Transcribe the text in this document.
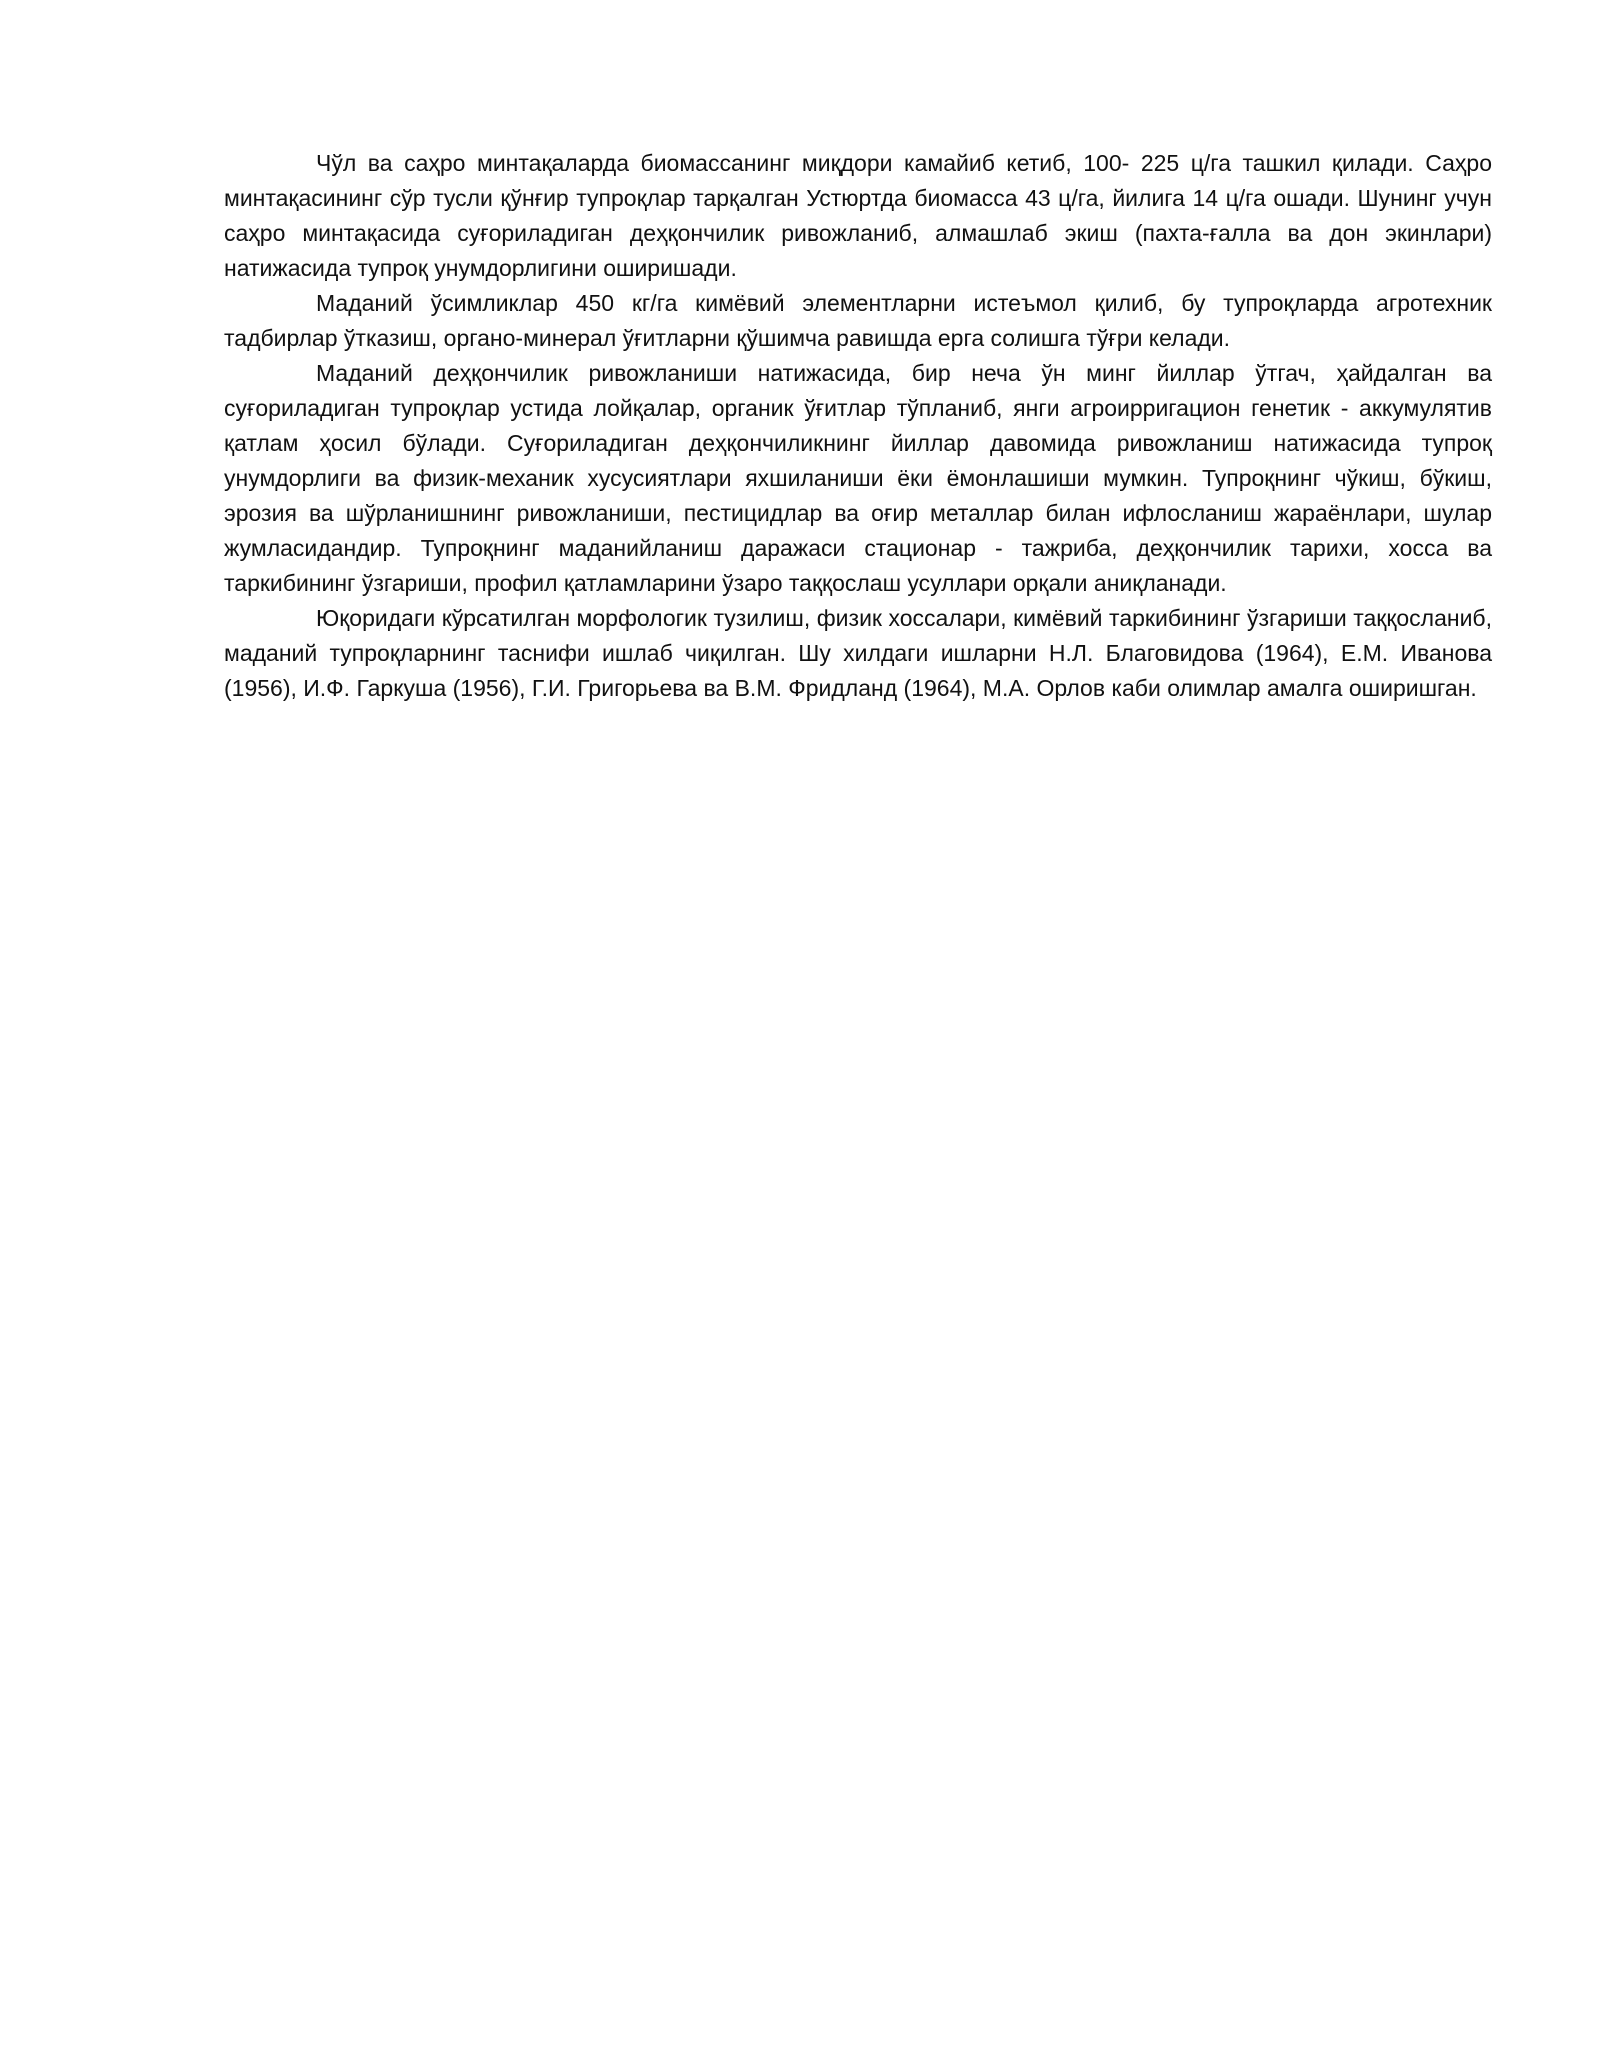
Чўл ва саҳро минтақаларда биомассанинг миқдори камайиб кетиб, 100- 225 ц/га ташкил қилади. Саҳро минтақасининг сўр тусли қўнғир тупроқлар тарқалган Устюртда биомасса 43 ц/га, йилига 14 ц/га ошади. Шунинг учун саҳро минтақасида суғориладиган деҳқончилик ривожланиб, алмашлаб экиш (пахта-ғалла ва дон экинлари) натижасида тупроқ унумдорлигини оширишади.

Маданий ўсимликлар 450 кг/га кимёвий элементларни истеъмол қилиб, бу тупроқларда агротехник тадбирлар ўтказиш, органо-минерал ўғитларни қўшимча равишда ерга солишга тўғри келади.

Маданий деҳқончилик ривожланиши натижасида, бир неча ўн минг йиллар ўтгач, ҳайдалган ва суғориладиган тупроқлар устида лойқалар, органик ўғитлар тўпланиб, янги агроирригацион генетик - аккумулятив қатлам ҳосил бўлади. Суғориладиган деҳқончиликнинг йиллар давомида ривожланиш натижасида тупроқ унумдорлиги ва физик-механик хусусиятлари яхшиланиши ёки ёмонлашиши мумкин. Тупроқнинг чўкиш, бўкиш, эрозия ва шўрланишнинг ривожланиши, пестицидлар ва оғир металлар билан ифлосланиш жараёнлари, шулар жумласидандир. Тупроқнинг маданийланиш даражаси стационар - тажриба, деҳқончилик тарихи, хосса ва таркибининг ўзгариши, профил қатламларини ўзаро таққослаш усуллари орқали аниқланади.

Юқоридаги кўрсатилган морфологик тузилиш, физик хоссалари, кимёвий таркибининг ўзгариши таққосланиб, маданий тупроқларнинг таснифи ишлаб чиқилган. Шу хилдаги ишларни Н.Л. Благовидова (1964), Е.М. Иванова (1956), И.Ф. Гаркуша (1956), Г.И. Григорьева ва В.М. Фридланд (1964), М.А. Орлов каби олимлар амалга оширишган.
